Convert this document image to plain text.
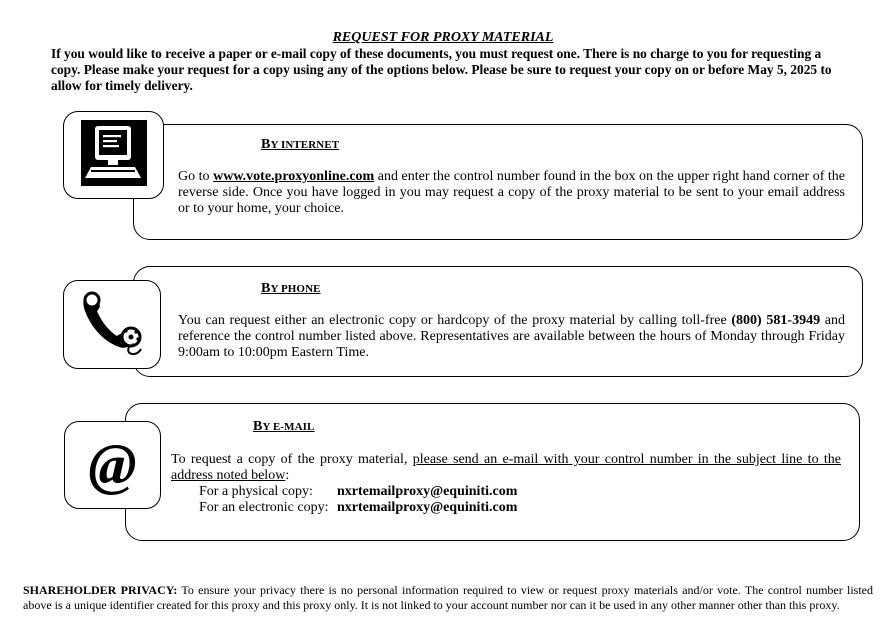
REQUEST FOR PROXY MATERIAL
If you would like to receive a paper or e-mail copy of these documents, you must request one. There is no charge to you for requesting a copy. Please make your request for a copy using any of the options below. Please be sure to request your copy on or before May 5, 2025 to allow for timely delivery.
BY INTERNET
Go to www.vote.proxyonline.com and enter the control number found in the box on the upper right hand corner of the reverse side. Once you have logged in you may request a copy of the proxy material to be sent to your email address or to your home, your choice.
BY PHONE
You can request either an electronic copy or hardcopy of the proxy material by calling toll-free (800) 581-3949 and reference the control number listed above. Representatives are available between the hours of Monday through Friday 9:00am to 10:00pm Eastern Time.
@
BY E-MAIL
To request a copy of the proxy material, please send an e-mail with your control number in the subject line to the address noted below:
For a physical copy: nxrtemailproxy@equiniti.com
For an electronic copy: nxrtemailproxy@equiniti.com
SHAREHOLDER PRIVACY: To ensure your privacy there is no personal information required to view or request proxy materials and/or vote. The control number listed above is a unique identifier created for this proxy and this proxy only. It is not linked to your account number nor can it be used in any other manner other than this proxy.
